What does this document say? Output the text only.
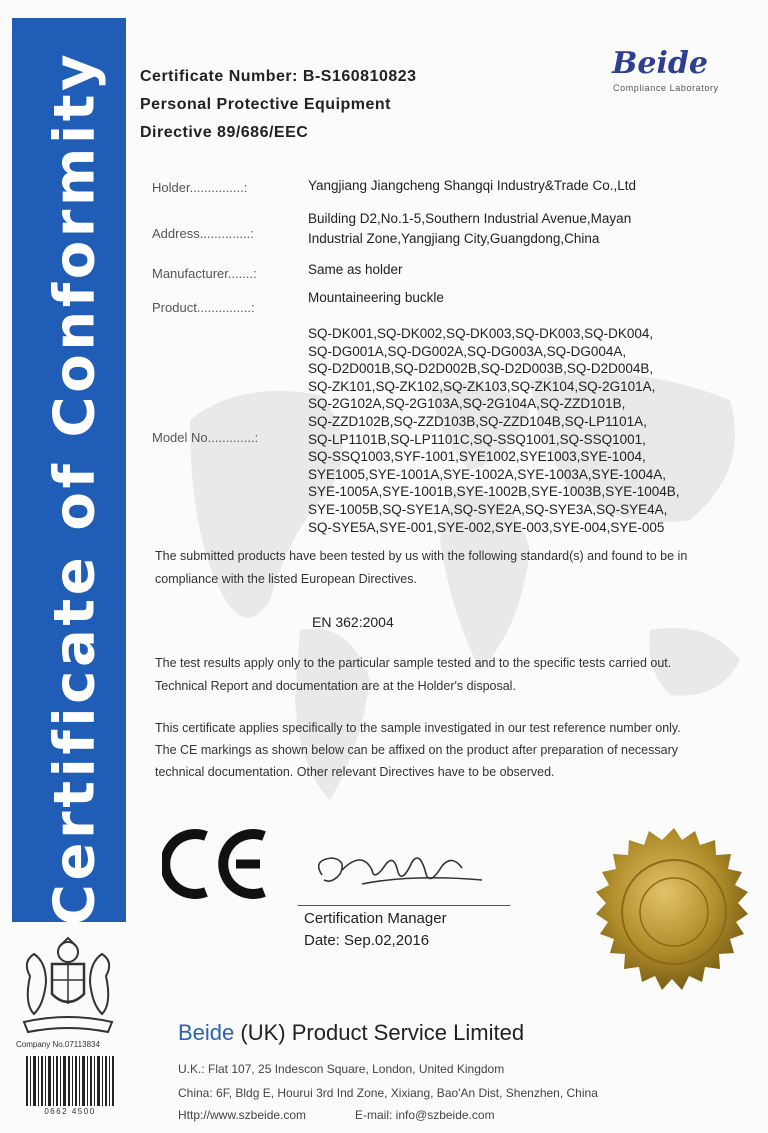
Certificate of Conformity
Company No.07113834
0662 4500
Certificate Number: B-S160810823
Personal Protective Equipment
Directive 89/686/EEC
Beide
Compliance Laboratory
Holder...............:	Yangjiang Jiangcheng Shangqi Industry&Trade Co.,Ltd
Address..............:
Building D2,No.1-5,Southern Industrial Avenue,Mayan
Industrial Zone,Yangjiang City,Guangdong,China
Manufacturer.......:	Same as holder
Product...............:
Mountaineering buckle
Model No.............:
SQ-DK001,SQ-DK002,SQ-DK003,SQ-DK003,SQ-DK004,
SQ-DG001A,SQ-DG002A,SQ-DG003A,SQ-DG004A,
SQ-D2D001B,SQ-D2D002B,SQ-D2D003B,SQ-D2D004B,
SQ-ZK101,SQ-ZK102,SQ-ZK103,SQ-ZK104,SQ-2G101A,
SQ-2G102A,SQ-2G103A,SQ-2G104A,SQ-ZZD101B,
SQ-ZZD102B,SQ-ZZD103B,SQ-ZZD104B,SQ-LP1101A,
SQ-LP1101B,SQ-LP1101C,SQ-SSQ1001,SQ-SSQ1001,
SQ-SSQ1003,SYF-1001,SYE1002,SYE1003,SYE-1004,
SYE1005,SYE-1001A,SYE-1002A,SYE-1003A,SYE-1004A,
SYE-1005A,SYE-1001B,SYE-1002B,SYE-1003B,SYE-1004B,
SYE-1005B,SQ-SYE1A,SQ-SYE2A,SQ-SYE3A,SQ-SYE4A,
SQ-SYE5A,SYE-001,SYE-002,SYE-003,SYE-004,SYE-005
The submitted products have been tested by us with the following standard(s) and found to be in
compliance with the listed European Directives.
EN 362:2004
The test results apply only to the particular sample tested and to the specific tests carried out.
Technical Report and documentation are at the Holder's disposal.
This certificate applies specifically to the sample investigated in our test reference number only.
The CE markings as shown below can be affixed on the product after preparation of necessary
technical documentation. Other relevant Directives have to be observed.
Certification Manager
Date: Sep.02,2016
Beide (UK) Product Service Limited
U.K.: Flat 107, 25 Indescon Square, London, United Kingdom
China: 6F, Bldg E, Hourui 3rd Ind Zone, Xixiang, Bao'An Dist, Shenzhen, China
Http://www.szbeide.com	E-mail: info@szbeide.com
